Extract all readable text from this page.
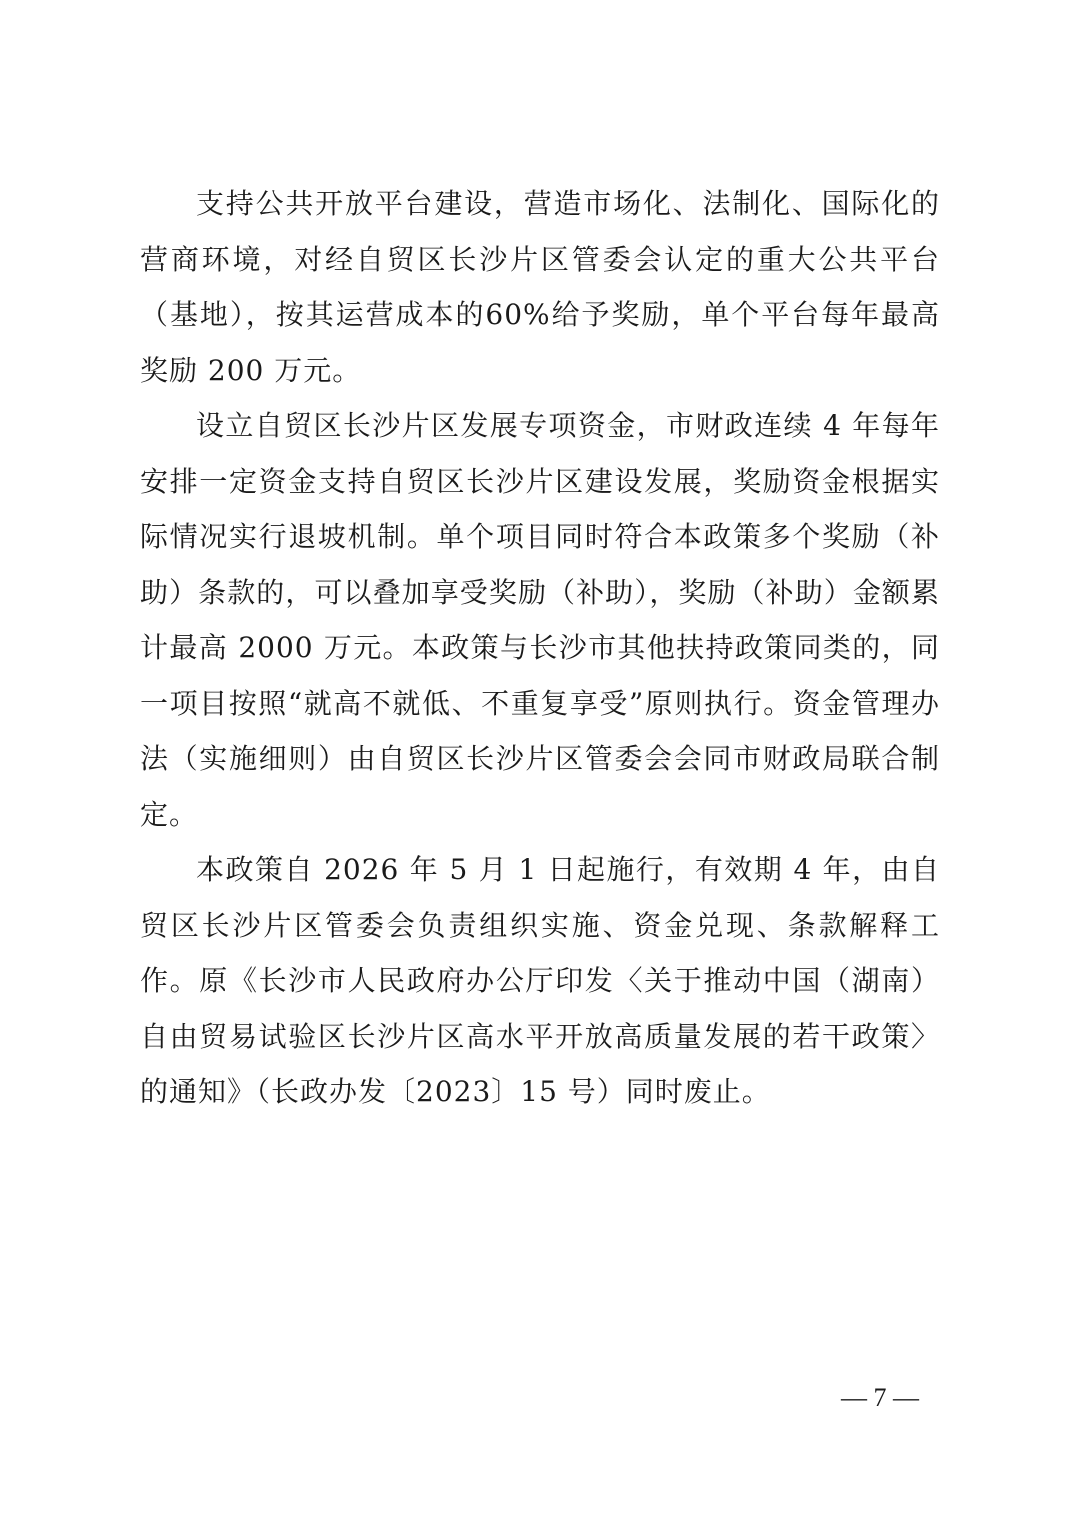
支持公共开放平台建设，营造市场化、法制化、国际化的营商环境，对经自贸区长沙片区管委会认定的重大公共平台（基地），按其运营成本的60%给予奖励，单个平台每年最高奖励 200 万元。

设立自贸区长沙片区发展专项资金，市财政连续 4 年每年安排一定资金支持自贸区长沙片区建设发展，奖励资金根据实际情况实行退坡机制。单个项目同时符合本政策多个奖励（补助）条款的，可以叠加享受奖励（补助），奖励（补助）金额累计最高 2000 万元。本政策与长沙市其他扶持政策同类的，同一项目按照“就高不就低、不重复享受”原则执行。资金管理办法（实施细则）由自贸区长沙片区管委会会同市财政局联合制定。

本政策自 2026 年 5 月 1 日起施行，有效期 4 年，由自贸区长沙片区管委会负责组织实施、资金兑现、条款解释工作。原《长沙市人民政府办公厅印发〈关于推动中国（湖南）自由贸易试验区长沙片区高水平开放高质量发展的若干政策〉的通知》（长政办发〔2023〕15 号）同时废止。

— 7 —
